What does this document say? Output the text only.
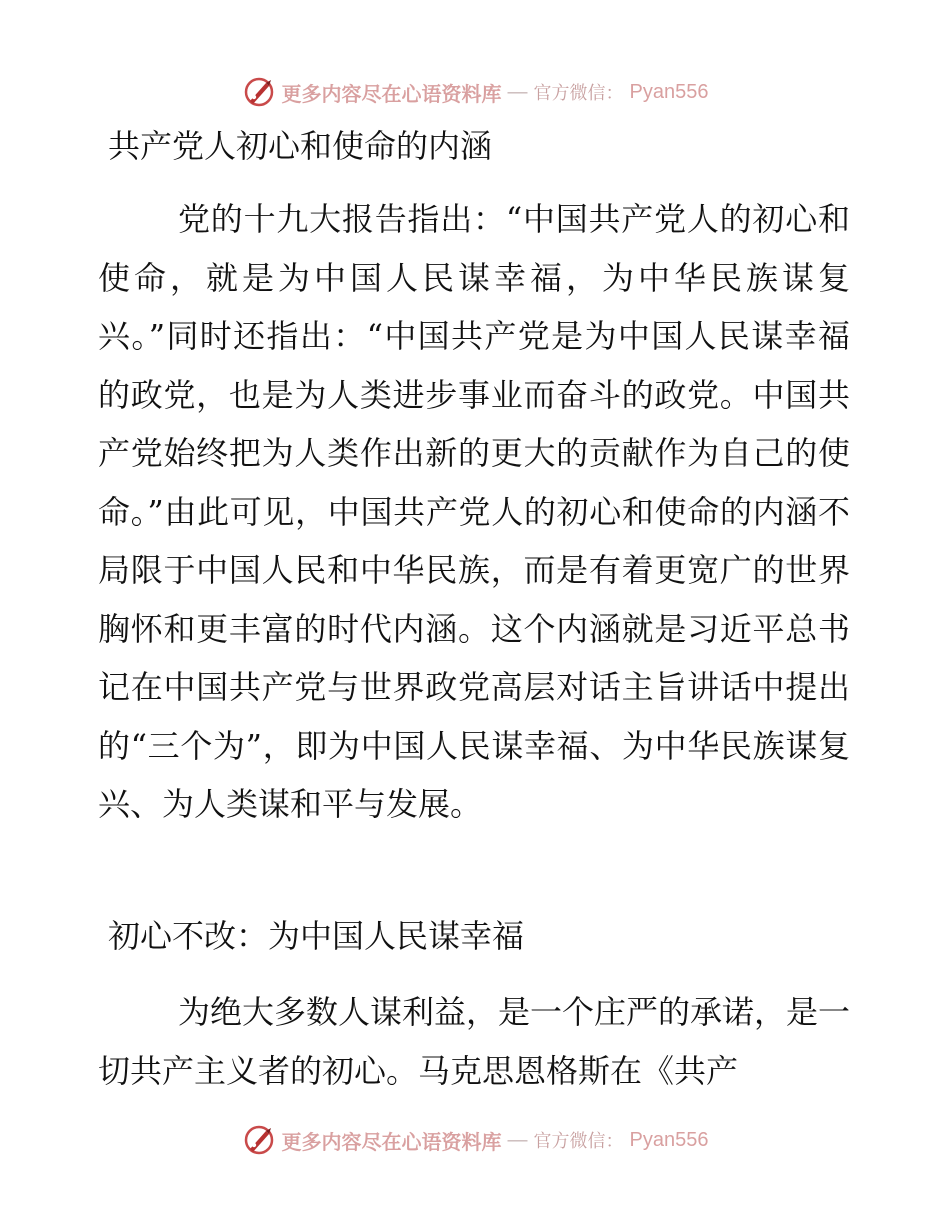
更多内容尽在心语资料库 — 官方微信： Pyan556
共产党人初心和使命的内涵

党的十九大报告指出：“中国共产党人的初心和使命，就是为中国人民谋幸福，为中华民族谋复兴。”同时还指出：“中国共产党是为中国人民谋幸福的政党，也是为人类进步事业而奋斗的政党。中国共产党始终把为人类作出新的更大的贡献作为自己的使命。”由此可见，中国共产党人的初心和使命的内涵不局限于中国人民和中华民族，而是有着更宽广的世界胸怀和更丰富的时代内涵。这个内涵就是习近平总书记在中国共产党与世界政党高层对话主旨讲话中提出的“三个为”，即为中国人民谋幸福、为中华民族谋复兴、为人类谋和平与发展。

初心不改：为中国人民谋幸福

为绝大多数人谋利益，是一个庄严的承诺，是一切共产主义者的初心。马克思恩格斯在《共产

更多内容尽在心语资料库 — 官方微信： Pyan556
